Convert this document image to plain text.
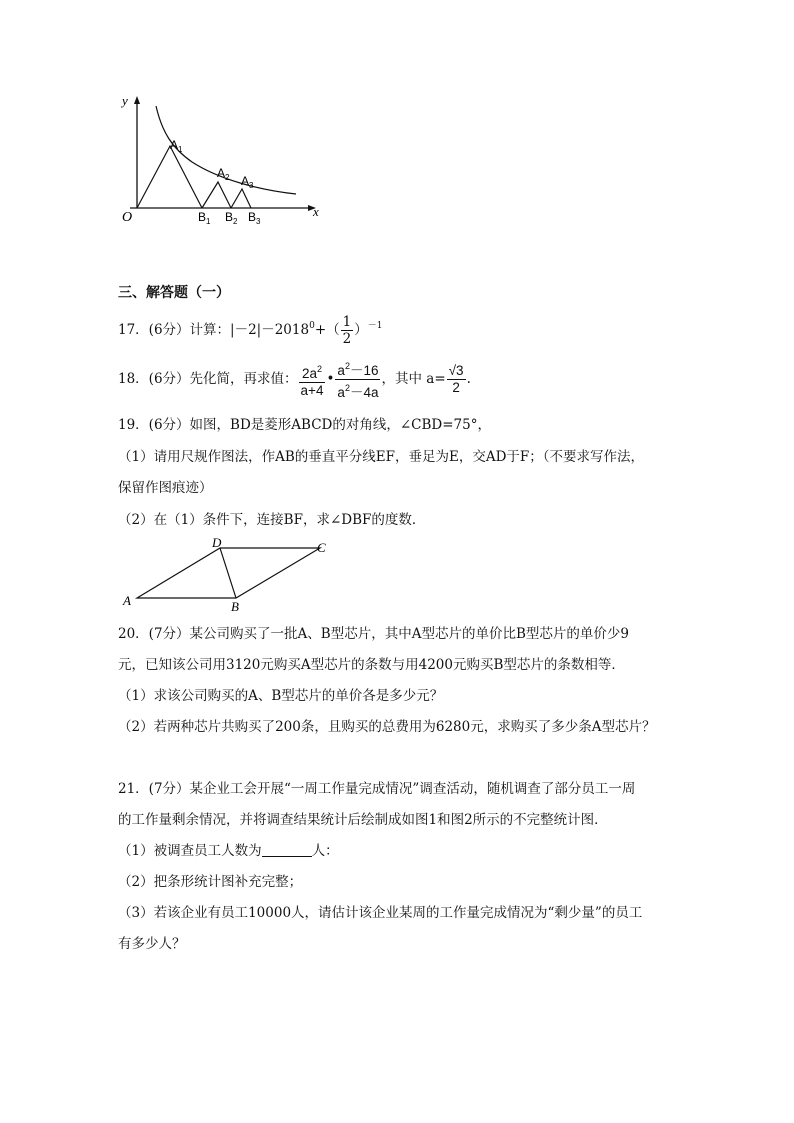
y
x
O
$A_1$
$A_2$ $A_3$
$B_1$ $B_2$ $B_3$
三、解答题（一）
17．(6分）计算：$|-2|-2018^0+( \frac{1}{2} )^{-1}$
18．(6分）先化简，再求值： $\frac{2a^2}{a+4}$ • $\frac{a^2-16}{a^2-4a}$ ，其中 $a= \frac{√3}{2}$ .
19．(6分）如图，BD是菱形ABCD的对角线，∠CBD=75°，
（1）请用尺规作图法，作AB的垂直平分线EF，垂足为E，交AD于F；（不要求写作法，
保留作图痕迹）
（2）在（1）条件下，连接BF，求∠DBF的度数．
A	B
C
D
20．(7分）某公司购买了一批A、B型芯片，其中A型芯片的单价比B型芯片的单价少9
元，已知该公司用3120元购买A型芯片的条数与用4200元购买B型芯片的条数相等．
（1）求该公司购买的A、B型芯片的单价各是多少元？
（2）若两种芯片共购买了200条，且购买的总费用为6280元，求购买了多少条A型芯片？
21．(7分）某企业工会开展“一周工作量完成情况”调查活动，随机调查了部分员工一周
的工作量剩余情况，并将调查结果统计后绘制成如图1和图2所示的不完整统计图．
（1）被调查员工人数为	人：
（2）把条形统计图补充完整；
（3）若该企业有员工10000人，请估计该企业某周的工作量完成情况为“剩少量”的员工
有多少人？
